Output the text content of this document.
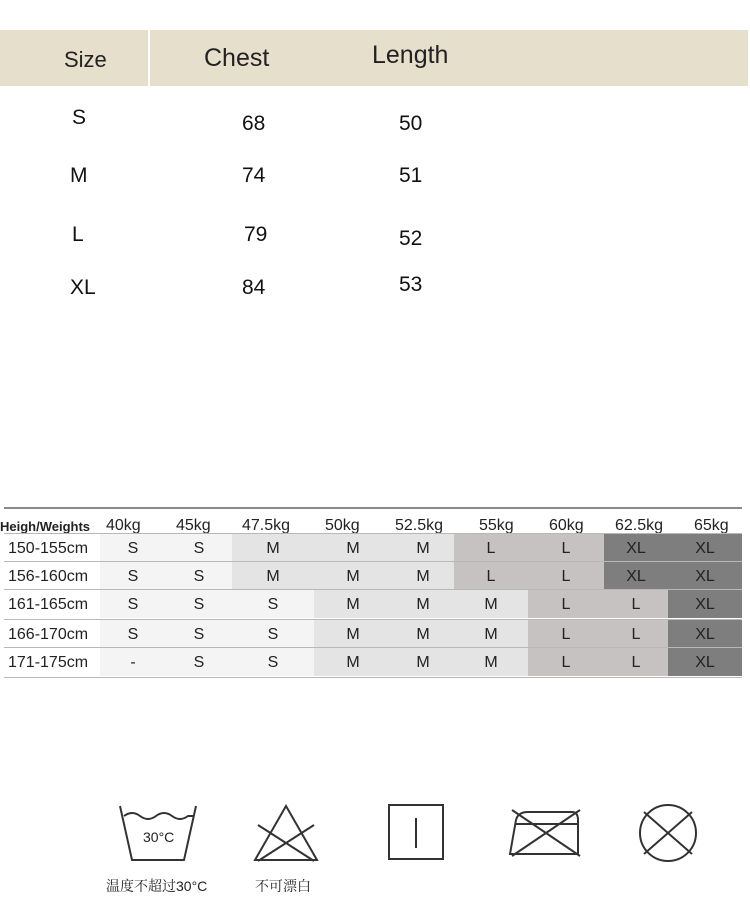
Size	Chest	Length
S	68	50
M	74	51
L	79	52
XL	84	53
Heigh/Weights 40kg 45kg 47.5kg 50kg 52.5kg 55kg 60kg 62.5kg 65kg
150-155cm	S	S	M	M	M	L	L	XL	XL
156-160cm	S	S	M	M	M	L	L	XL	XL
161-165cm	S	S	S	M	M	M	L	L	XL
166-170cm	S	S	S	M	M	M	L	L	XL
171-175cm	-	S	S	M	M	M	L	L	XL
30°C
温度不超过30°C	不可漂白
